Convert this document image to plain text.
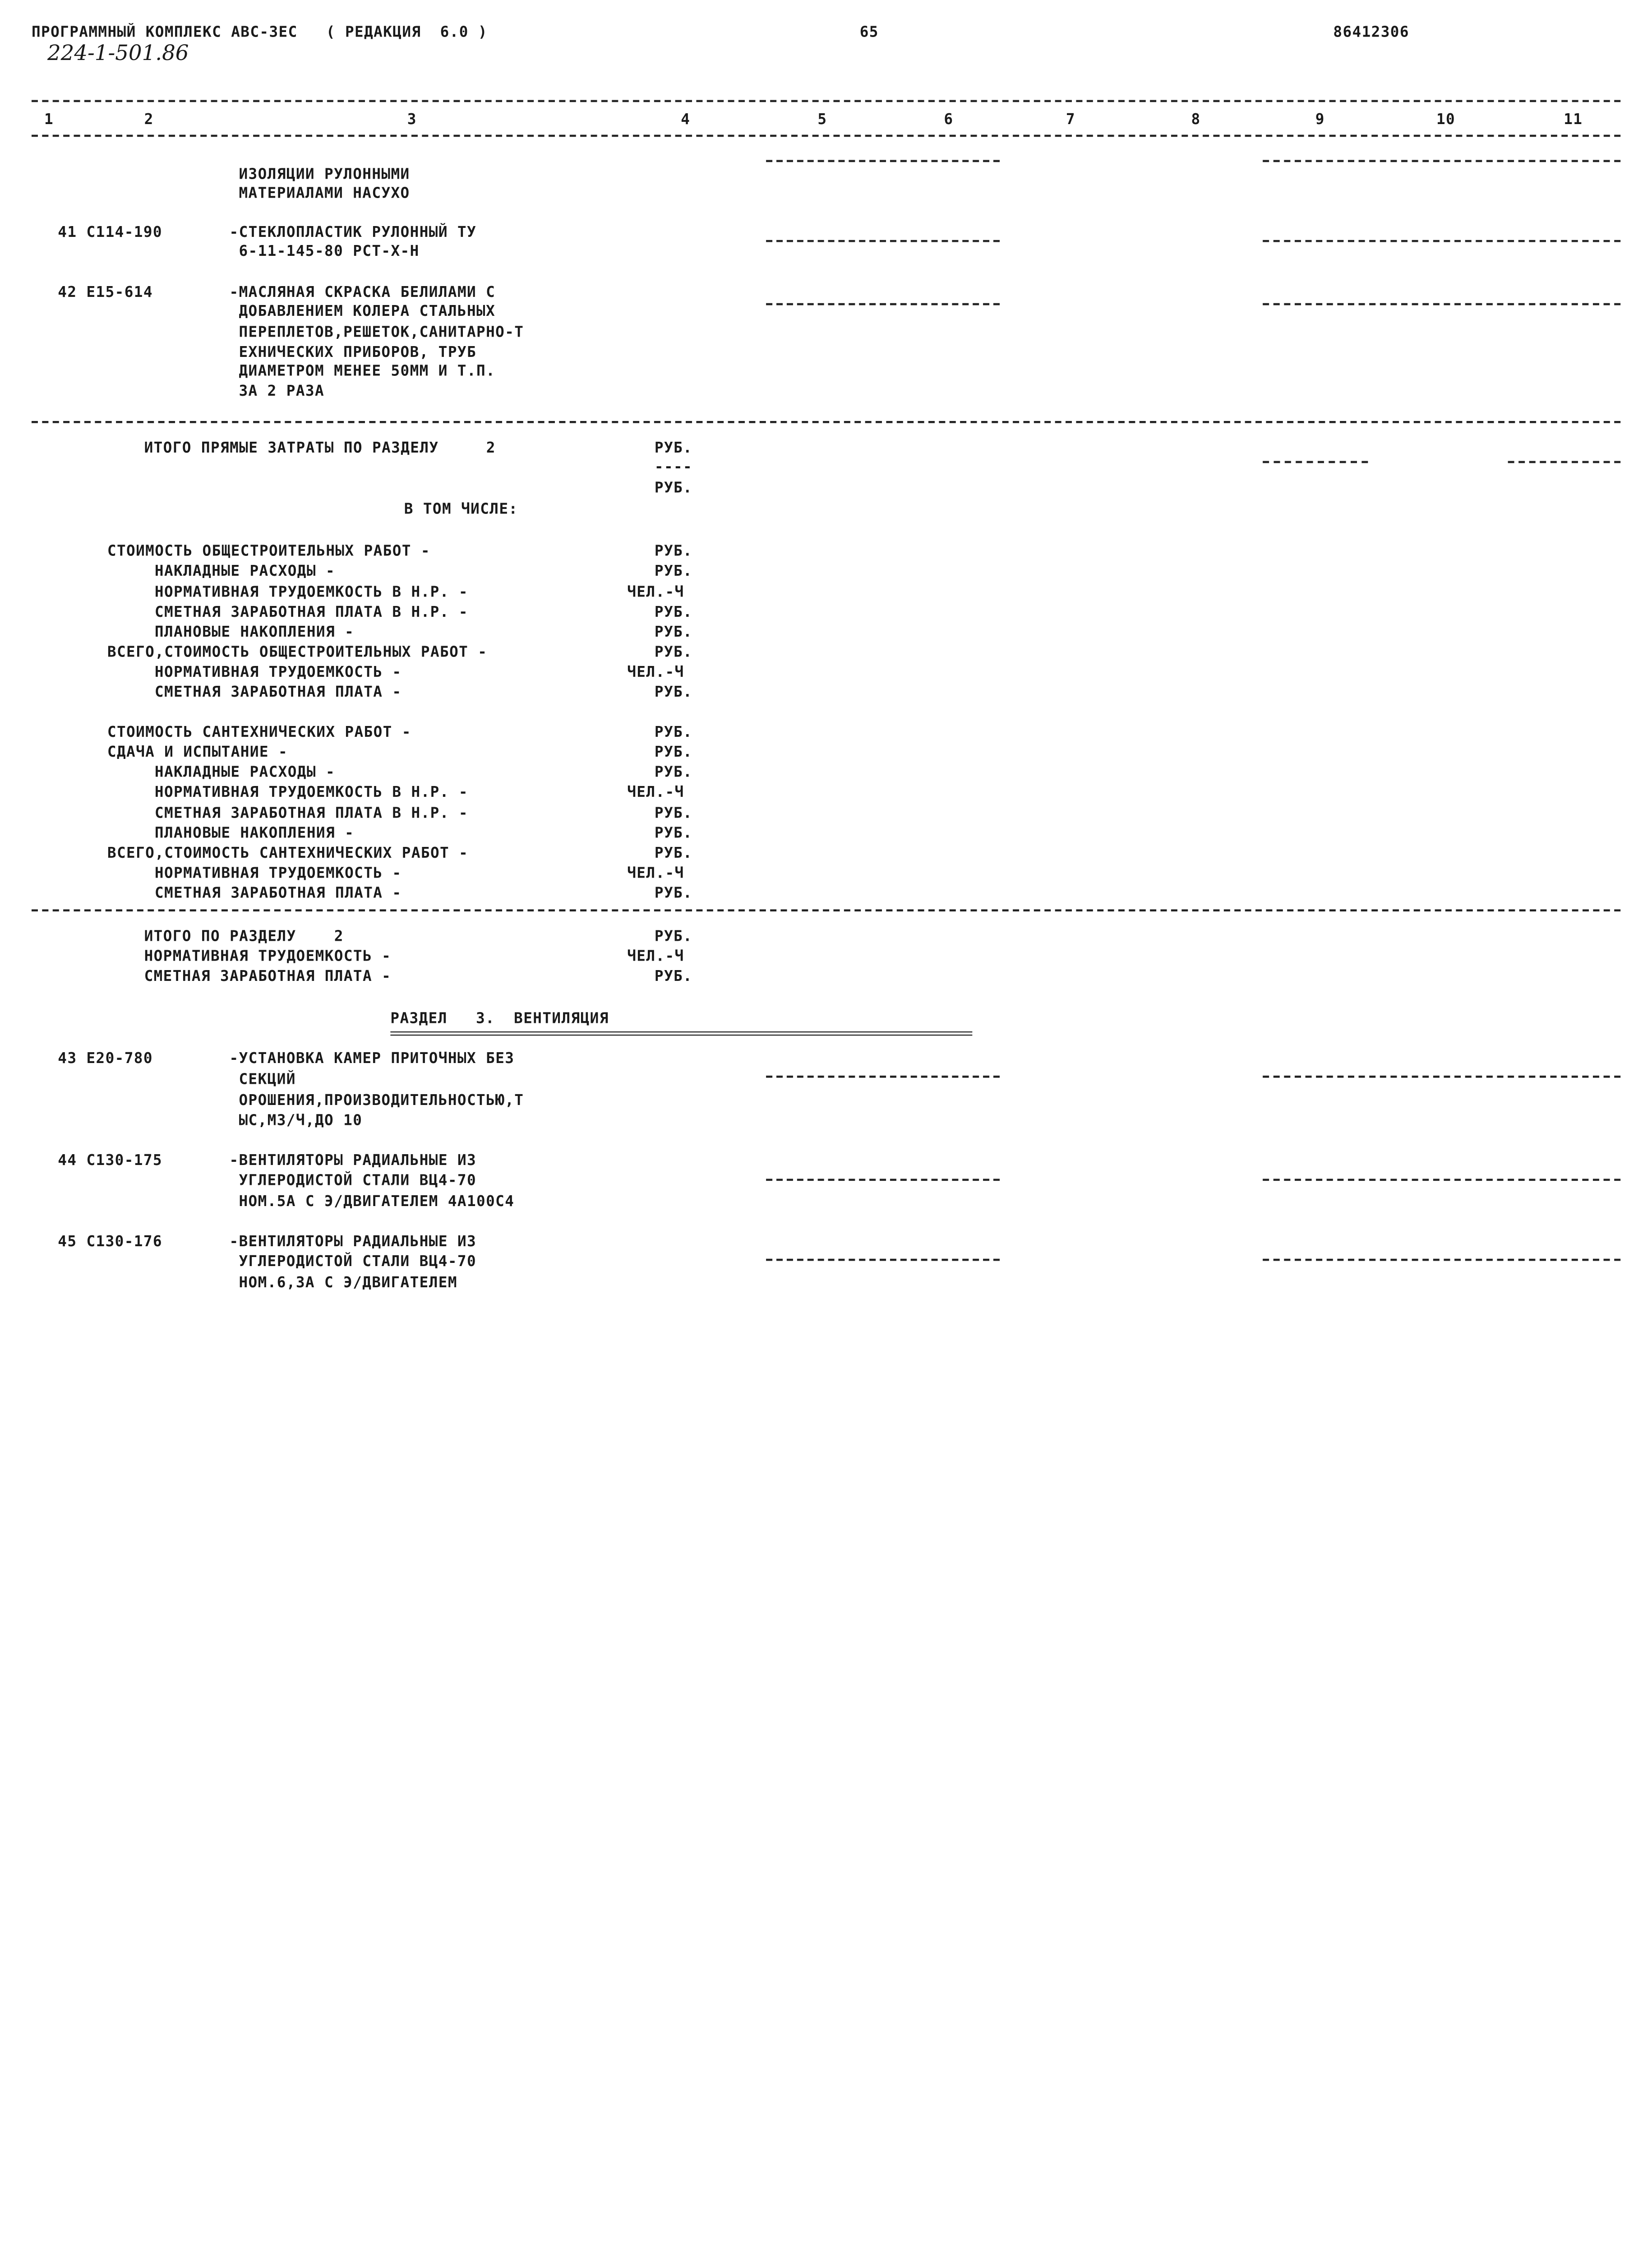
ПРОГРАММНЫЙ КОМПЛЕКС АВС-3ЕС   ( РЕДАКЦИЯ  6.0 )	65	86412306
224-1-501.86
1	2	3	4	5	6	7	8	9	10	11
ИЗОЛЯЦИИ РУЛОННЫМИ
МАТЕРИАЛАМИ НАСУХО
41 С114-190	-СТЕКЛОПЛАСТИК РУЛОННЫЙ ТУ
6-11-145-80 РСТ-Х-Н
42 Е15-614	-МАСЛЯНАЯ СКРАСКА БЕЛИЛАМИ С
ДОБАВЛЕНИЕМ КОЛЕРА СТАЛЬНЫХ
ПЕРЕПЛЕТОВ,РЕШЕТОК,САНИТАРНО-Т
ЕХНИЧЕСКИХ ПРИБОРОВ, ТРУБ
ДИАМЕТРОМ МЕНЕЕ 50ММ И Т.П.
ЗА 2 РАЗА
ИТОГО ПРЯМЫЕ ЗАТРАТЫ ПО РАЗДЕЛУ     2	РУБ.
----
РУБ.
В ТОМ ЧИСЛЕ:
СТОИМОСТЬ ОБЩЕСТРОИТЕЛЬНЫХ РАБОТ -	РУБ.
НАКЛАДНЫЕ РАСХОДЫ -	РУБ.
НОРМАТИВНАЯ ТРУДОЕМКОСТЬ В Н.Р. -	ЧЕЛ.-Ч
СМЕТНАЯ ЗАРАБОТНАЯ ПЛАТА В Н.Р. -	РУБ.
ПЛАНОВЫЕ НАКОПЛЕНИЯ -	РУБ.
ВСЕГО,СТОИМОСТЬ ОБЩЕСТРОИТЕЛЬНЫХ РАБОТ -	РУБ.
НОРМАТИВНАЯ ТРУДОЕМКОСТЬ -	ЧЕЛ.-Ч
СМЕТНАЯ ЗАРАБОТНАЯ ПЛАТА -	РУБ.
СТОИМОСТЬ САНТЕХНИЧЕСКИХ РАБОТ -	РУБ.
СДАЧА И ИСПЫТАНИЕ -	РУБ.
НАКЛАДНЫЕ РАСХОДЫ -	РУБ.
НОРМАТИВНАЯ ТРУДОЕМКОСТЬ В Н.Р. -	ЧЕЛ.-Ч
СМЕТНАЯ ЗАРАБОТНАЯ ПЛАТА В Н.Р. -	РУБ.
ПЛАНОВЫЕ НАКОПЛЕНИЯ -	РУБ.
ВСЕГО,СТОИМОСТЬ САНТЕХНИЧЕСКИХ РАБОТ -	РУБ.
НОРМАТИВНАЯ ТРУДОЕМКОСТЬ -	ЧЕЛ.-Ч
СМЕТНАЯ ЗАРАБОТНАЯ ПЛАТА -	РУБ.
ИТОГО ПО РАЗДЕЛУ    2	РУБ.
НОРМАТИВНАЯ ТРУДОЕМКОСТЬ -	ЧЕЛ.-Ч
СМЕТНАЯ ЗАРАБОТНАЯ ПЛАТА -	РУБ.
РАЗДЕЛ   3.  ВЕНТИЛЯЦИЯ
43 Е20-780	-УСТАНОВКА КАМЕР ПРИТОЧНЫХ БЕЗ
СЕКЦИЙ
ОРОШЕНИЯ,ПРОИЗВОДИТЕЛЬНОСТЬЮ,Т
ЫС,М3/Ч,ДО 10
44 С130-175	-ВЕНТИЛЯТОРЫ РАДИАЛЬНЫЕ ИЗ
УГЛЕРОДИСТОЙ СТАЛИ ВЦ4-70
НОМ.5А С Э/ДВИГАТЕЛЕМ 4А100С4
45 С130-176	-ВЕНТИЛЯТОРЫ РАДИАЛЬНЫЕ ИЗ
УГЛЕРОДИСТОЙ СТАЛИ ВЦ4-70
НОМ.6,3А С Э/ДВИГАТЕЛЕМ
